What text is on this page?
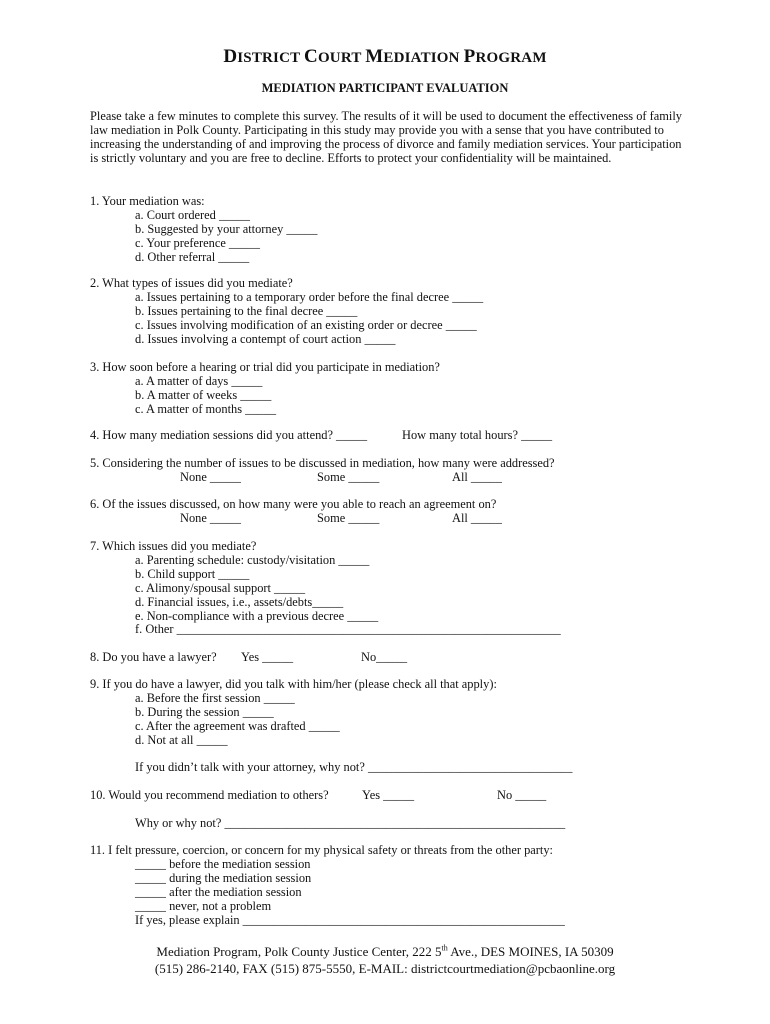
DISTRICT COURT MEDIATION PROGRAM
MEDIATION PARTICIPANT EVALUATION

Please take a few minutes to complete this survey. The results of it will be used to document the effectiveness of family law mediation in Polk County. Participating in this study may provide you with a sense that you have contributed to increasing the understanding of and improving the process of divorce and family mediation services. Your participation is strictly voluntary and you are free to decline. Efforts to protect your confidentiality will be maintained.

1. Your mediation was:
a. Court ordered _____
b. Suggested by your attorney _____
c. Your preference _____
d. Other referral _____
2. What types of issues did you mediate?
a. Issues pertaining to a temporary order before the final decree _____
b. Issues pertaining to the final decree _____
c. Issues involving modification of an existing order or decree _____
d. Issues involving a contempt of court action _____
3. How soon before a hearing or trial did you participate in mediation?
a. A matter of days _____
b. A matter of weeks _____
c. A matter of months _____
4. How many mediation sessions did you attend? _____	How many total hours? _____
5. Considering the number of issues to be discussed in mediation, how many were addressed?
None _____	Some _____	All _____
6. Of the issues discussed, on how many were you able to reach an agreement on?
None _____	Some _____	All _____
7. Which issues did you mediate?
a. Parenting schedule: custody/visitation _____
b. Child support _____
c. Alimony/spousal support _____
d. Financial issues, i.e., assets/debts_____
e. Non-compliance with a previous decree _____
f. Other ______________________________________________________________
8. Do you have a lawyer? Yes _____	No_____
9. If you do have a lawyer, did you talk with him/her (please check all that apply):
a. Before the first session _____
b. During the session _____
c. After the agreement was drafted _____
d. Not at all _____
If you didn’t talk with your attorney, why not? _________________________________
10. Would you recommend mediation to others?	Yes _____	No _____
Why or why not? _______________________________________________________
11. I felt pressure, coercion, or concern for my physical safety or threats from the other party:
_____ before the mediation session
_____ during the mediation session
_____ after the mediation session
_____ never, not a problem
If yes, please explain ____________________________________________________
Mediation Program, Polk County Justice Center, 222 5th Ave., DES MOINES, IA 50309
(515) 286-2140, FAX (515) 875-5550, E-MAIL: districtcourtmediation@pcbaonline.org
